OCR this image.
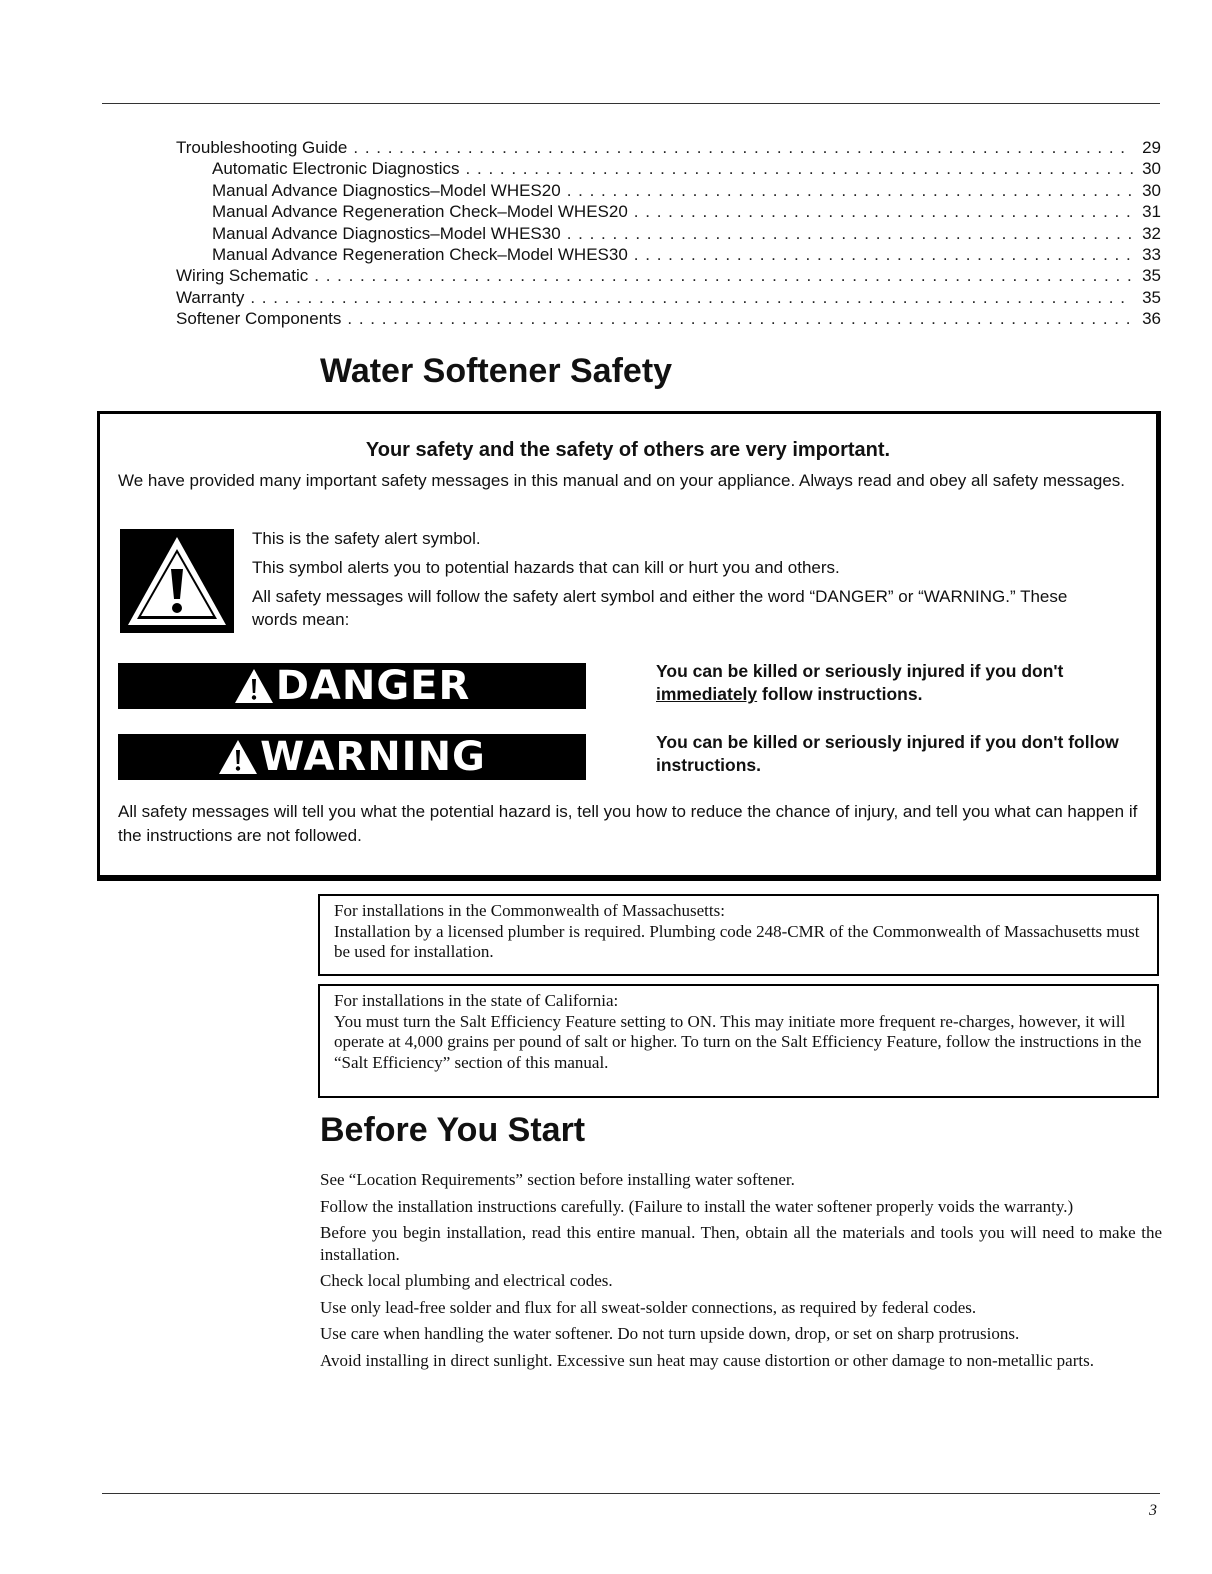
Troubleshooting Guide . . .	29
Automatic Electronic Diagnostics . . .	30
Manual Advance Diagnostics–Model WHES20 . . .	30
Manual Advance Regeneration Check–Model WHES20 . . .	31
Manual Advance Diagnostics–Model WHES30 . . .	32
Manual Advance Regeneration Check–Model WHES30 . . .	33
Wiring Schematic . . .	35
Warranty . . .	35
Softener Components . . .	36
Water Softener Safety
Your safety and the safety of others are very important.
We have provided many important safety messages in this manual and on your appliance. Always read and obey all safety messages.

This is the safety alert symbol.

This symbol alerts you to potential hazards that can kill or hurt you and others.

All safety messages will follow the safety alert symbol and either the word “DANGER” or “WARNING.” These words mean:

DANGER	You can be killed or seriously injured if you don't immediately follow instructions.
WARNING	You can be killed or seriously injured if you don't follow instructions.
All safety messages will tell you what the potential hazard is, tell you how to reduce the chance of injury, and tell you what can happen if the instructions are not followed.

For installations in the Commonwealth of Massachusetts:

Installation by a licensed plumber is required. Plumbing code 248-CMR of the Commonwealth of Massachusetts must be used for installation.

For installations in the state of California:

You must turn the Salt Efficiency Feature setting to ON. This may initiate more frequent re-charges, however, it will operate at 4,000 grains per pound of salt or higher. To turn on the Salt Efficiency Feature, follow the instructions in the “Salt Efficiency” section of this manual.

Before You Start

See “Location Requirements” section before installing water softener.

Follow the installation instructions carefully. (Failure to install the water softener properly voids the warranty.)

Before you begin installation, read this entire manual. Then, obtain all the materials and tools you will need to make the installation.

Check local plumbing and electrical codes.

Use only lead-free solder and flux for all sweat-solder connections, as required by federal codes.

Use care when handling the water softener. Do not turn upside down, drop, or set on sharp protrusions.

Avoid installing in direct sunlight. Excessive sun heat may cause distortion or other damage to non-metallic parts.

3
